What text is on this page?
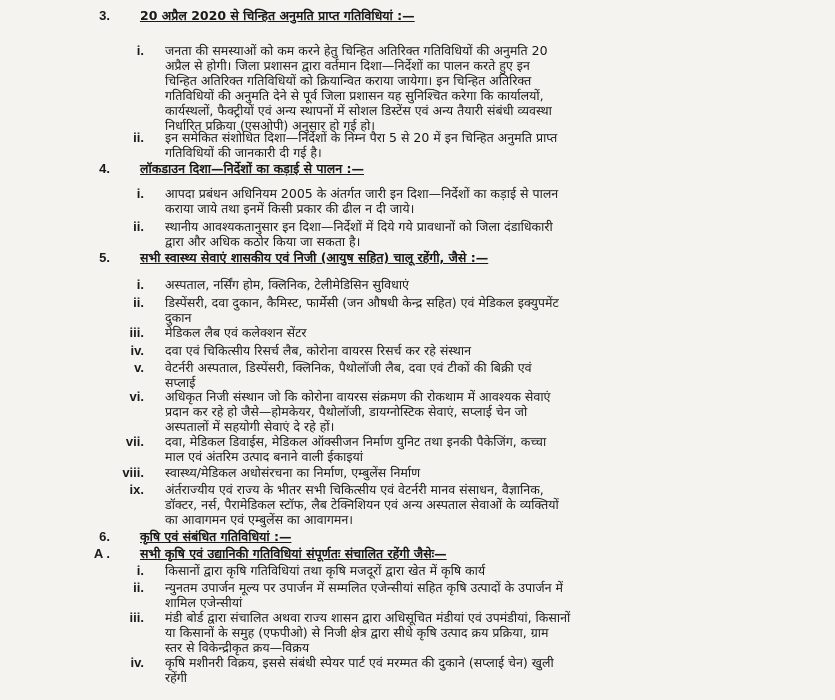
3. 20 अप्रैल 2020 से चिन्हित अनुमति प्राप्त गतिविधियां :—
i. जनता की समस्याओं को कम करने हेतु चिन्हित अतिरिक्त गतिविधियों की अनुमति 20
अप्रैल से होगी। जिला प्रशासन द्वारा वर्तमान दिशा—निर्देशों का पालन करते हुए इन
चिन्हित अतिरिक्त गतिविधियों को क्रियान्वित कराया जायेगा। इन चिन्हित अतिरिक्त
गतिविधियों की अनुमति देने से पूर्व जिला प्रशासन यह सुनिश्चित करेगा कि कार्यालयों,
कार्यस्थलों, फैक्ट्रीयों एवं अन्य स्थापनों में सोशल डिस्टेंस एवं अन्य तैयारी संबंधी व्यवस्था
निर्धारित प्रक्रिया (एसओपी) अनुसार हो गई हो।
ii. इन समेकित संशोधित दिशा—निर्देशों के निम्न पैरा 5 से 20 में इन चिन्हित अनुमति प्राप्त
गतिविधियों की जानकारी दी गई है।
4. लॉकडाउन दिशा—निर्देशों का कड़ाई से पालन :—
i. आपदा प्रबंधन अधिनियम 2005 के अंतर्गत जारी इन दिशा—निर्देशों का कड़ाई से पालन
कराया जाये तथा इनमें किसी प्रकार की ढील न दी जाये।
ii. स्थानीय आवश्यकतानुसार इन दिशा—निर्देशों में दिये गये प्रावधानों को जिला दंडाधिकारी
द्वारा और अधिक कठोर किया जा सकता है।
5. सभी स्वास्थ्य सेवाएं शासकीय एवं निजी (आयुष सहित) चालू रहेंगी, जैसे :—
i. अस्पताल, नर्सिंग होम, क्लिनिक, टेलीमेडिसिन सुविधाएं
ii. डिस्पेंसरी, दवा दुकान, कैमिस्ट, फार्मेसी (जन औषधी केन्द्र सहित) एवं मेडिकल इक्युपमेंट
दुकान
iii. मेडिकल लैब एवं कलेक्शन सेंटर
iv. दवा एवं चिकित्सीय रिसर्च लैब, कोरोना वायरस रिसर्च कर रहे संस्थान
v. वेटर्नरी अस्पताल, डिस्पेंसरी, क्लिनिक, पैथोलॉजी लैब, दवा एवं टीकों की बिक्री एवं
सप्लाई
vi. अधिकृत निजी संस्थान जो कि कोरोना वायरस संक्रमण की रोकथाम में आवश्यक सेवाएं
प्रदान कर रहे हो जैसे—होमकेयर, पैथोलॉजी, डायग्नोस्टिक सेवाएं, सप्लाई चेन जो
अस्पतालों में सहयोगी सेवाएं दे रहे हों।
vii. दवा, मेडिकल डिवाईस, मेडिकल ऑक्सीजन निर्माण युनिट तथा इनकी पैकेजिंग, कच्चा
माल एवं अंतरिम उत्पाद बनाने वाली ईकाइयां
viii. स्वास्थ्य/मेडिकल अधोसंरचना का निर्माण, एम्बुलेंस निर्माण
ix. अंर्तराज्यीय एवं राज्य के भीतर सभी चिकित्सीय एवं वेटर्नरी मानव संसाधन, वैज्ञानिक,
डॉक्टर, नर्स, पैरामेडिकल स्टॉफ, लैब टेक्निशियन एवं अन्य अस्पताल सेवाओं के व्यक्तियों
का आवागमन एवं एम्बुलेंस का आवागमन।
6. कृषि एवं संबंधित गतिविधियां :—
A . सभी कृषि एवं उद्यानिकी गतिविधियां संपूर्णतः संचालित रहेंगी जैसेः—
i. किसानों द्वारा कृषि गतिविधियां तथा कृषि मजदूरों द्वारा खेत में कृषि कार्य
ii. न्युनतम उपार्जन मूल्य पर उपार्जन में सम्मलित एजेन्सीयां सहित कृषि उत्पादों के उपार्जन में
शामिल एजेन्सीयां
iii. मंडी बोर्ड द्वारा संचालित अथवा राज्य शासन द्वारा अधिसूचित मंडीयां एवं उपमंडीयां, किसानों
या किसानों के समुह (एफपीओ) से निजी क्षेत्र द्वारा सीधे कृषि उत्पाद क्रय प्रक्रिया, ग्राम
स्तर से विकेन्द्रीकृत क्रय—विक्रय
iv. कृषि मशीनरी विक्रय, इससे संबंधी स्पेयर पार्ट एवं मरम्मत की दुकाने (सप्लाई चेन) खुली
रहेंगी
